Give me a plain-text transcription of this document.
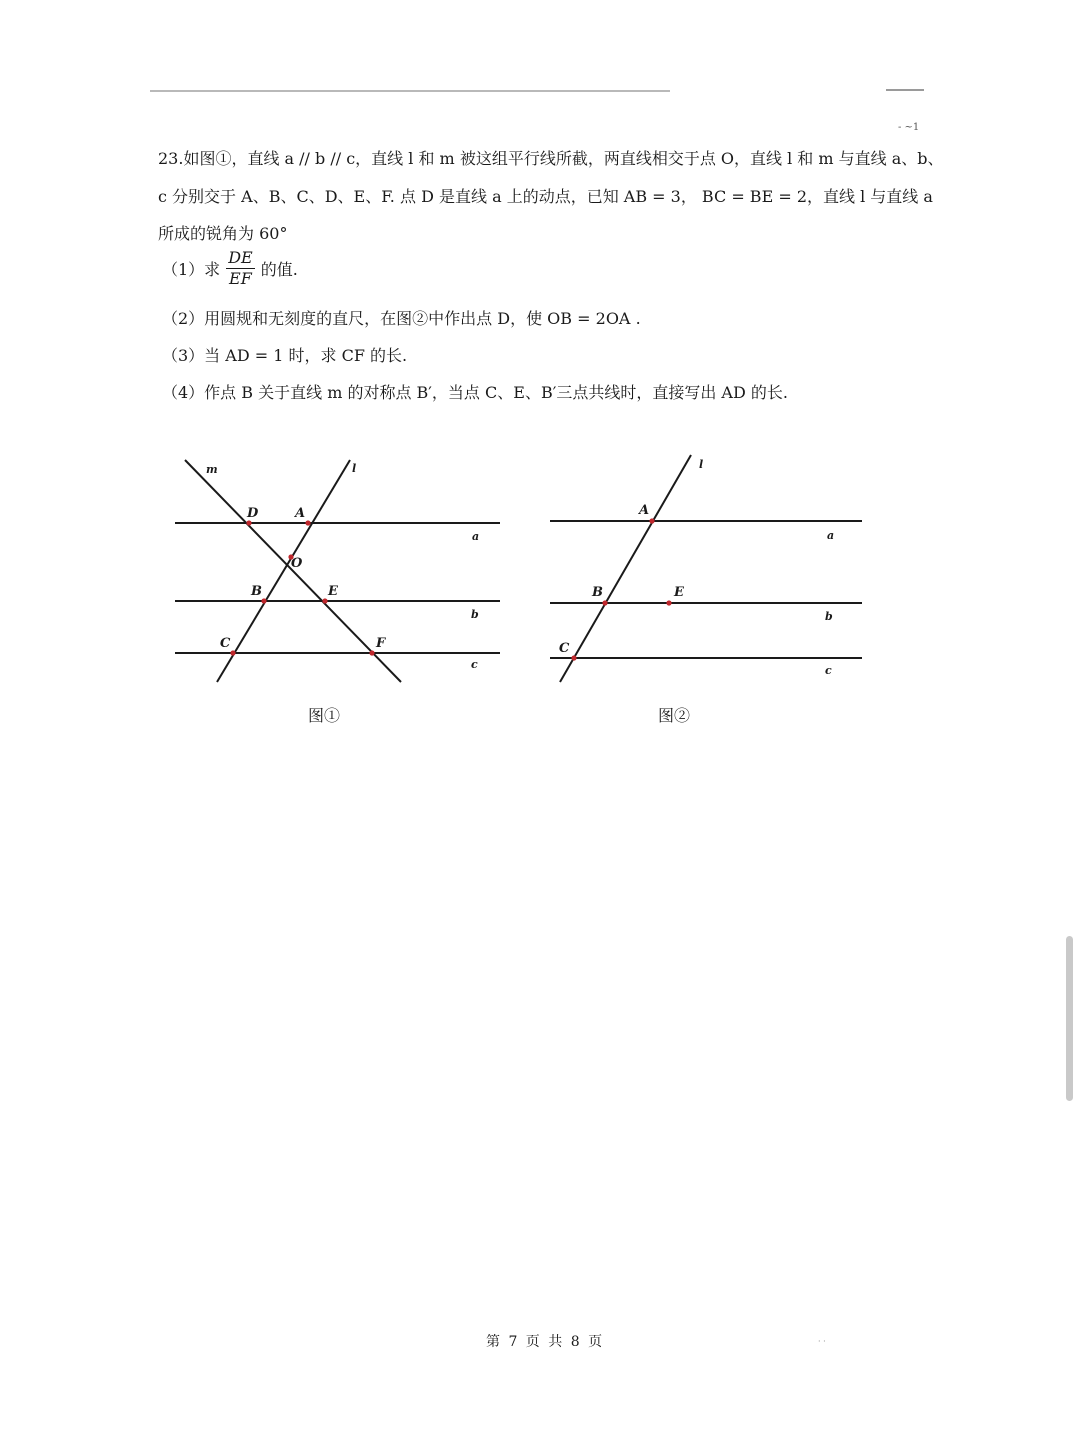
- ~1
23.如图①，直线 a // b // c，直线 l 和 m 被这组平行线所截，两直线相交于点 O，直线 l 和 m 与直线 a、b、
c 分别交于 A、B、C、D、E、F. 点 D 是直线 a 上的动点，已知 AB = 3， BC = BE = 2，直线 l 与直线 a
所成的锐角为 60°
（1）求 $\frac{DE}{EF}$ 的值.
（2）用圆规和无刻度的直尺，在图②中作出点 D，使 OB = 2OA .
（3）当 AD = 1 时，求 CF 的长.
（4）作点 B 关于直线 m 的对称点 B′，当点 C、E、B′三点共线时，直接写出 AD 的长.
m	l
D	A
O
B	E
C	F
a
b
c
l
A
B	E
C
a
b
c
图①	图②
第 7 页 共 8 页	· ·
